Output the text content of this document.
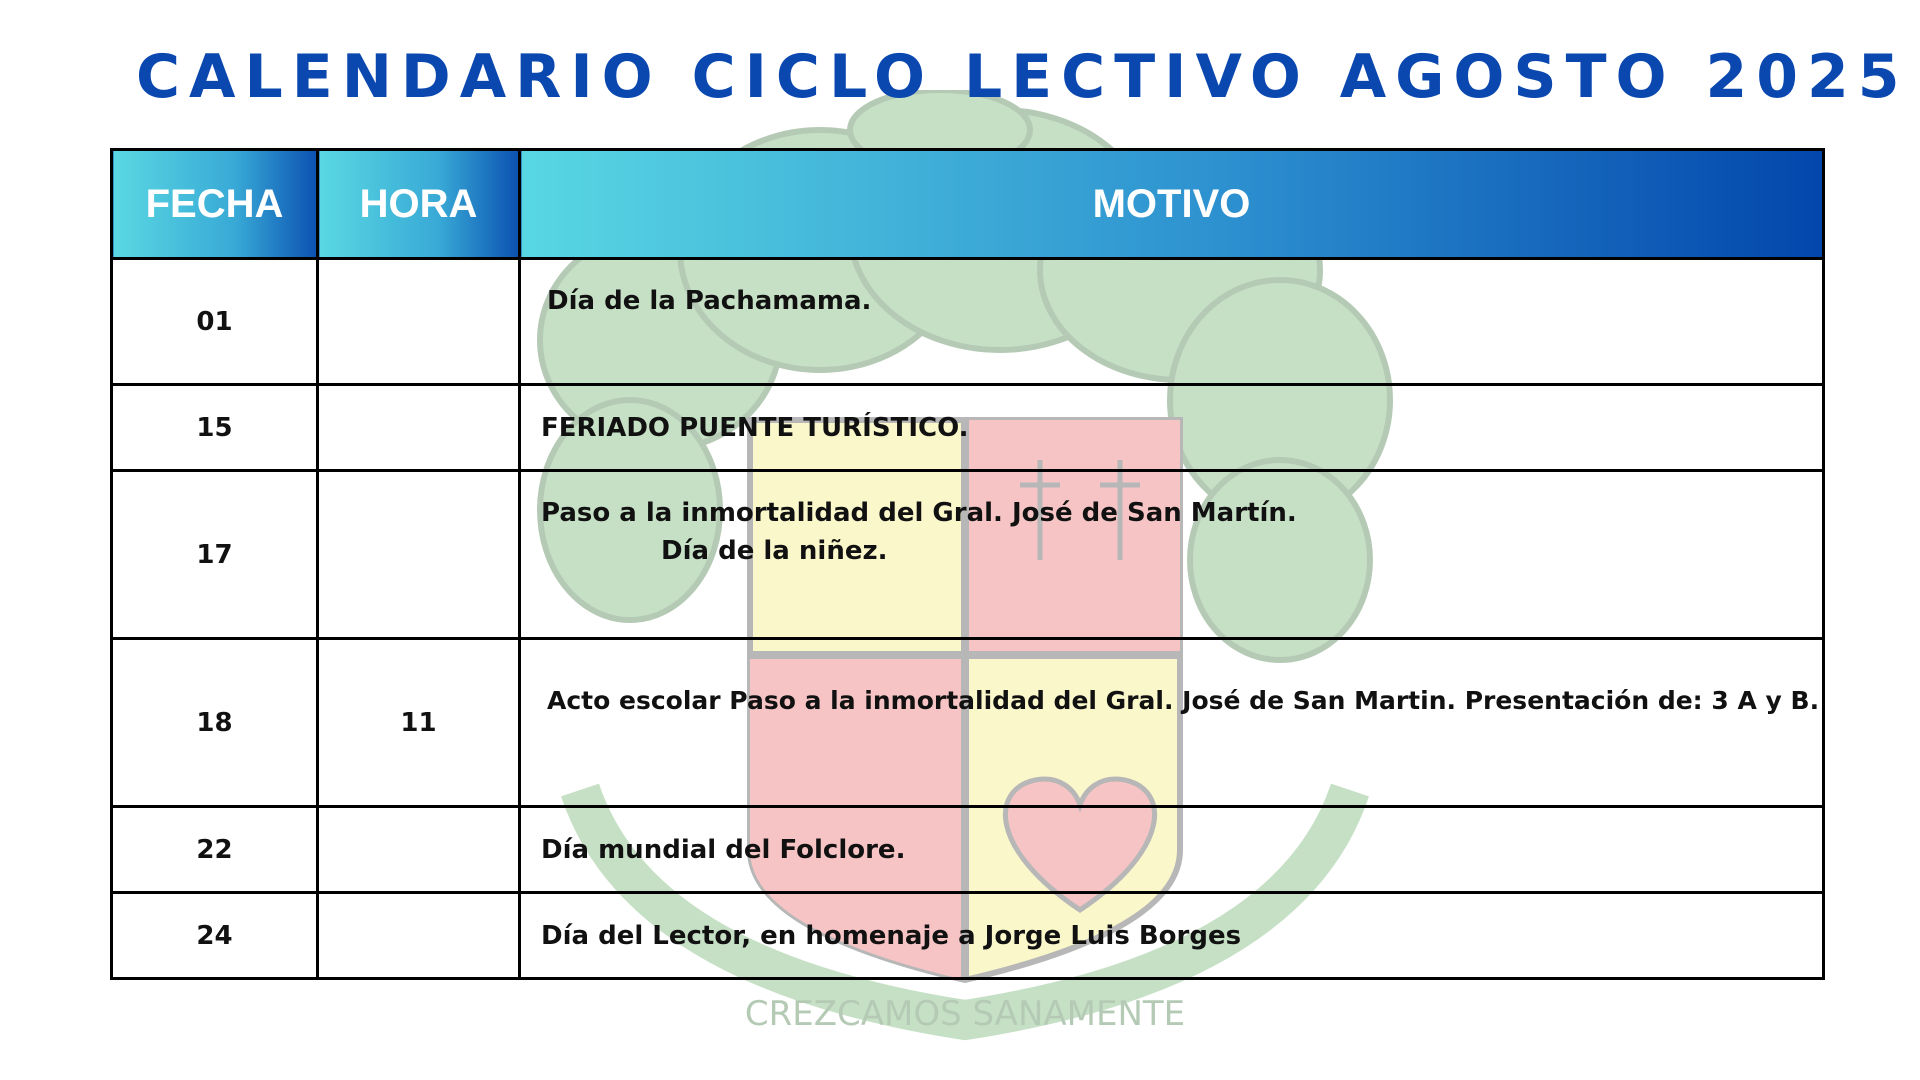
CREZCAMOS SANAMENTE
CALENDARIO CICLO LECTIVO AGOSTO 2025
FECHA	HORA	MOTIVO
01		Día de la Pachamama.

15		FERIADO PUENTE TURÍSTICO.

17		Paso a la inmortalidad del Gral. José de San Martín.
Día de la niñez.

18	11	Acto escolar Paso a la inmortalidad del Gral. José de San Martin. Presentación de: 3 A y B.

22		Día mundial del Folclore.

24		Día del Lector, en homenaje a Jorge Luis Borges
